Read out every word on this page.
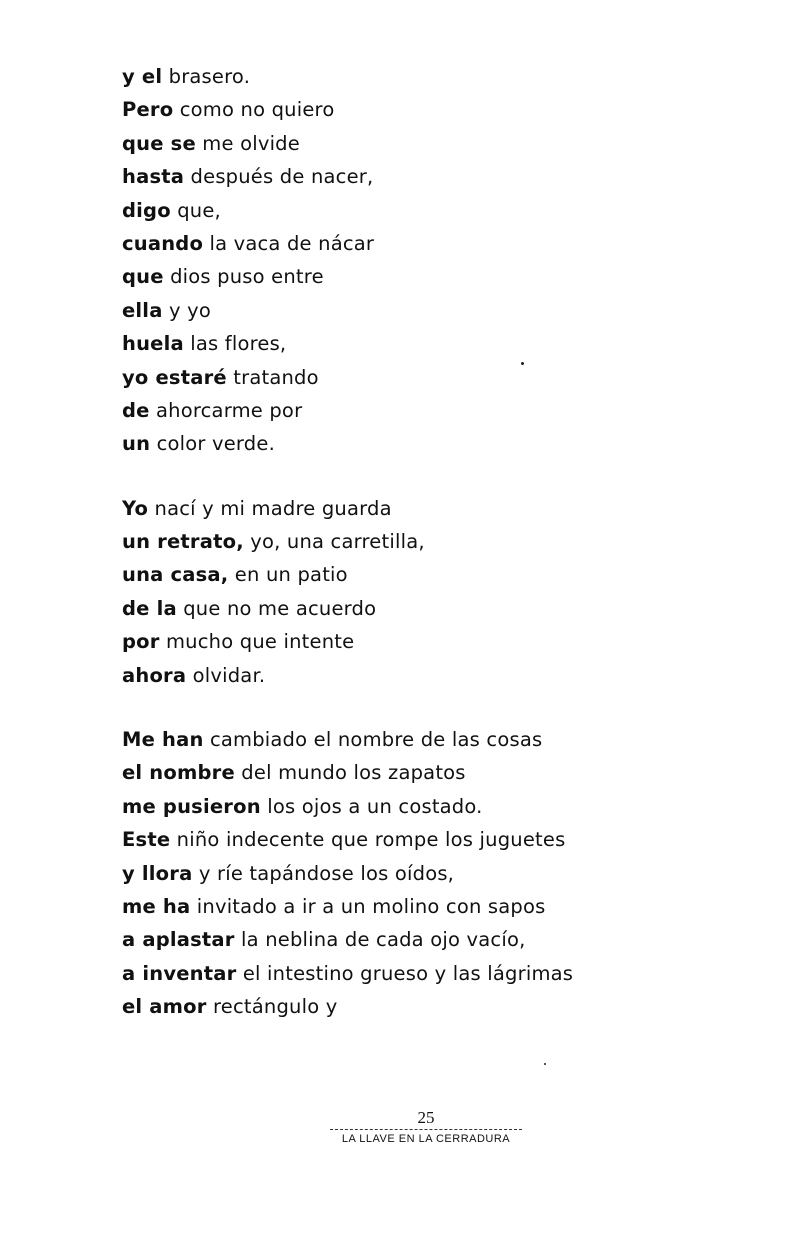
y el brasero.
Pero como no quiero
que se me olvide
hasta después de nacer,
digo que,
cuando la vaca de nácar
que dios puso entre
ella y yo
huela las flores,
yo estaré tratando
de ahorcarme por
un color verde.
Yo nací y mi madre guarda
un retrato, yo, una carretilla,
una casa, en un patio
de la que no me acuerdo
por mucho que intente
ahora olvidar.
Me han cambiado el nombre de las cosas
el nombre del mundo los zapatos
me pusieron los ojos a un costado.
Este niño indecente que rompe los juguetes
y llora y ríe tapándose los oídos,
me ha invitado a ir a un molino con sapos
a aplastar la neblina de cada ojo vacío,
a inventar el intestino grueso y las lágrimas
el amor rectángulo y
25
LA LLAVE EN LA CERRADURA
